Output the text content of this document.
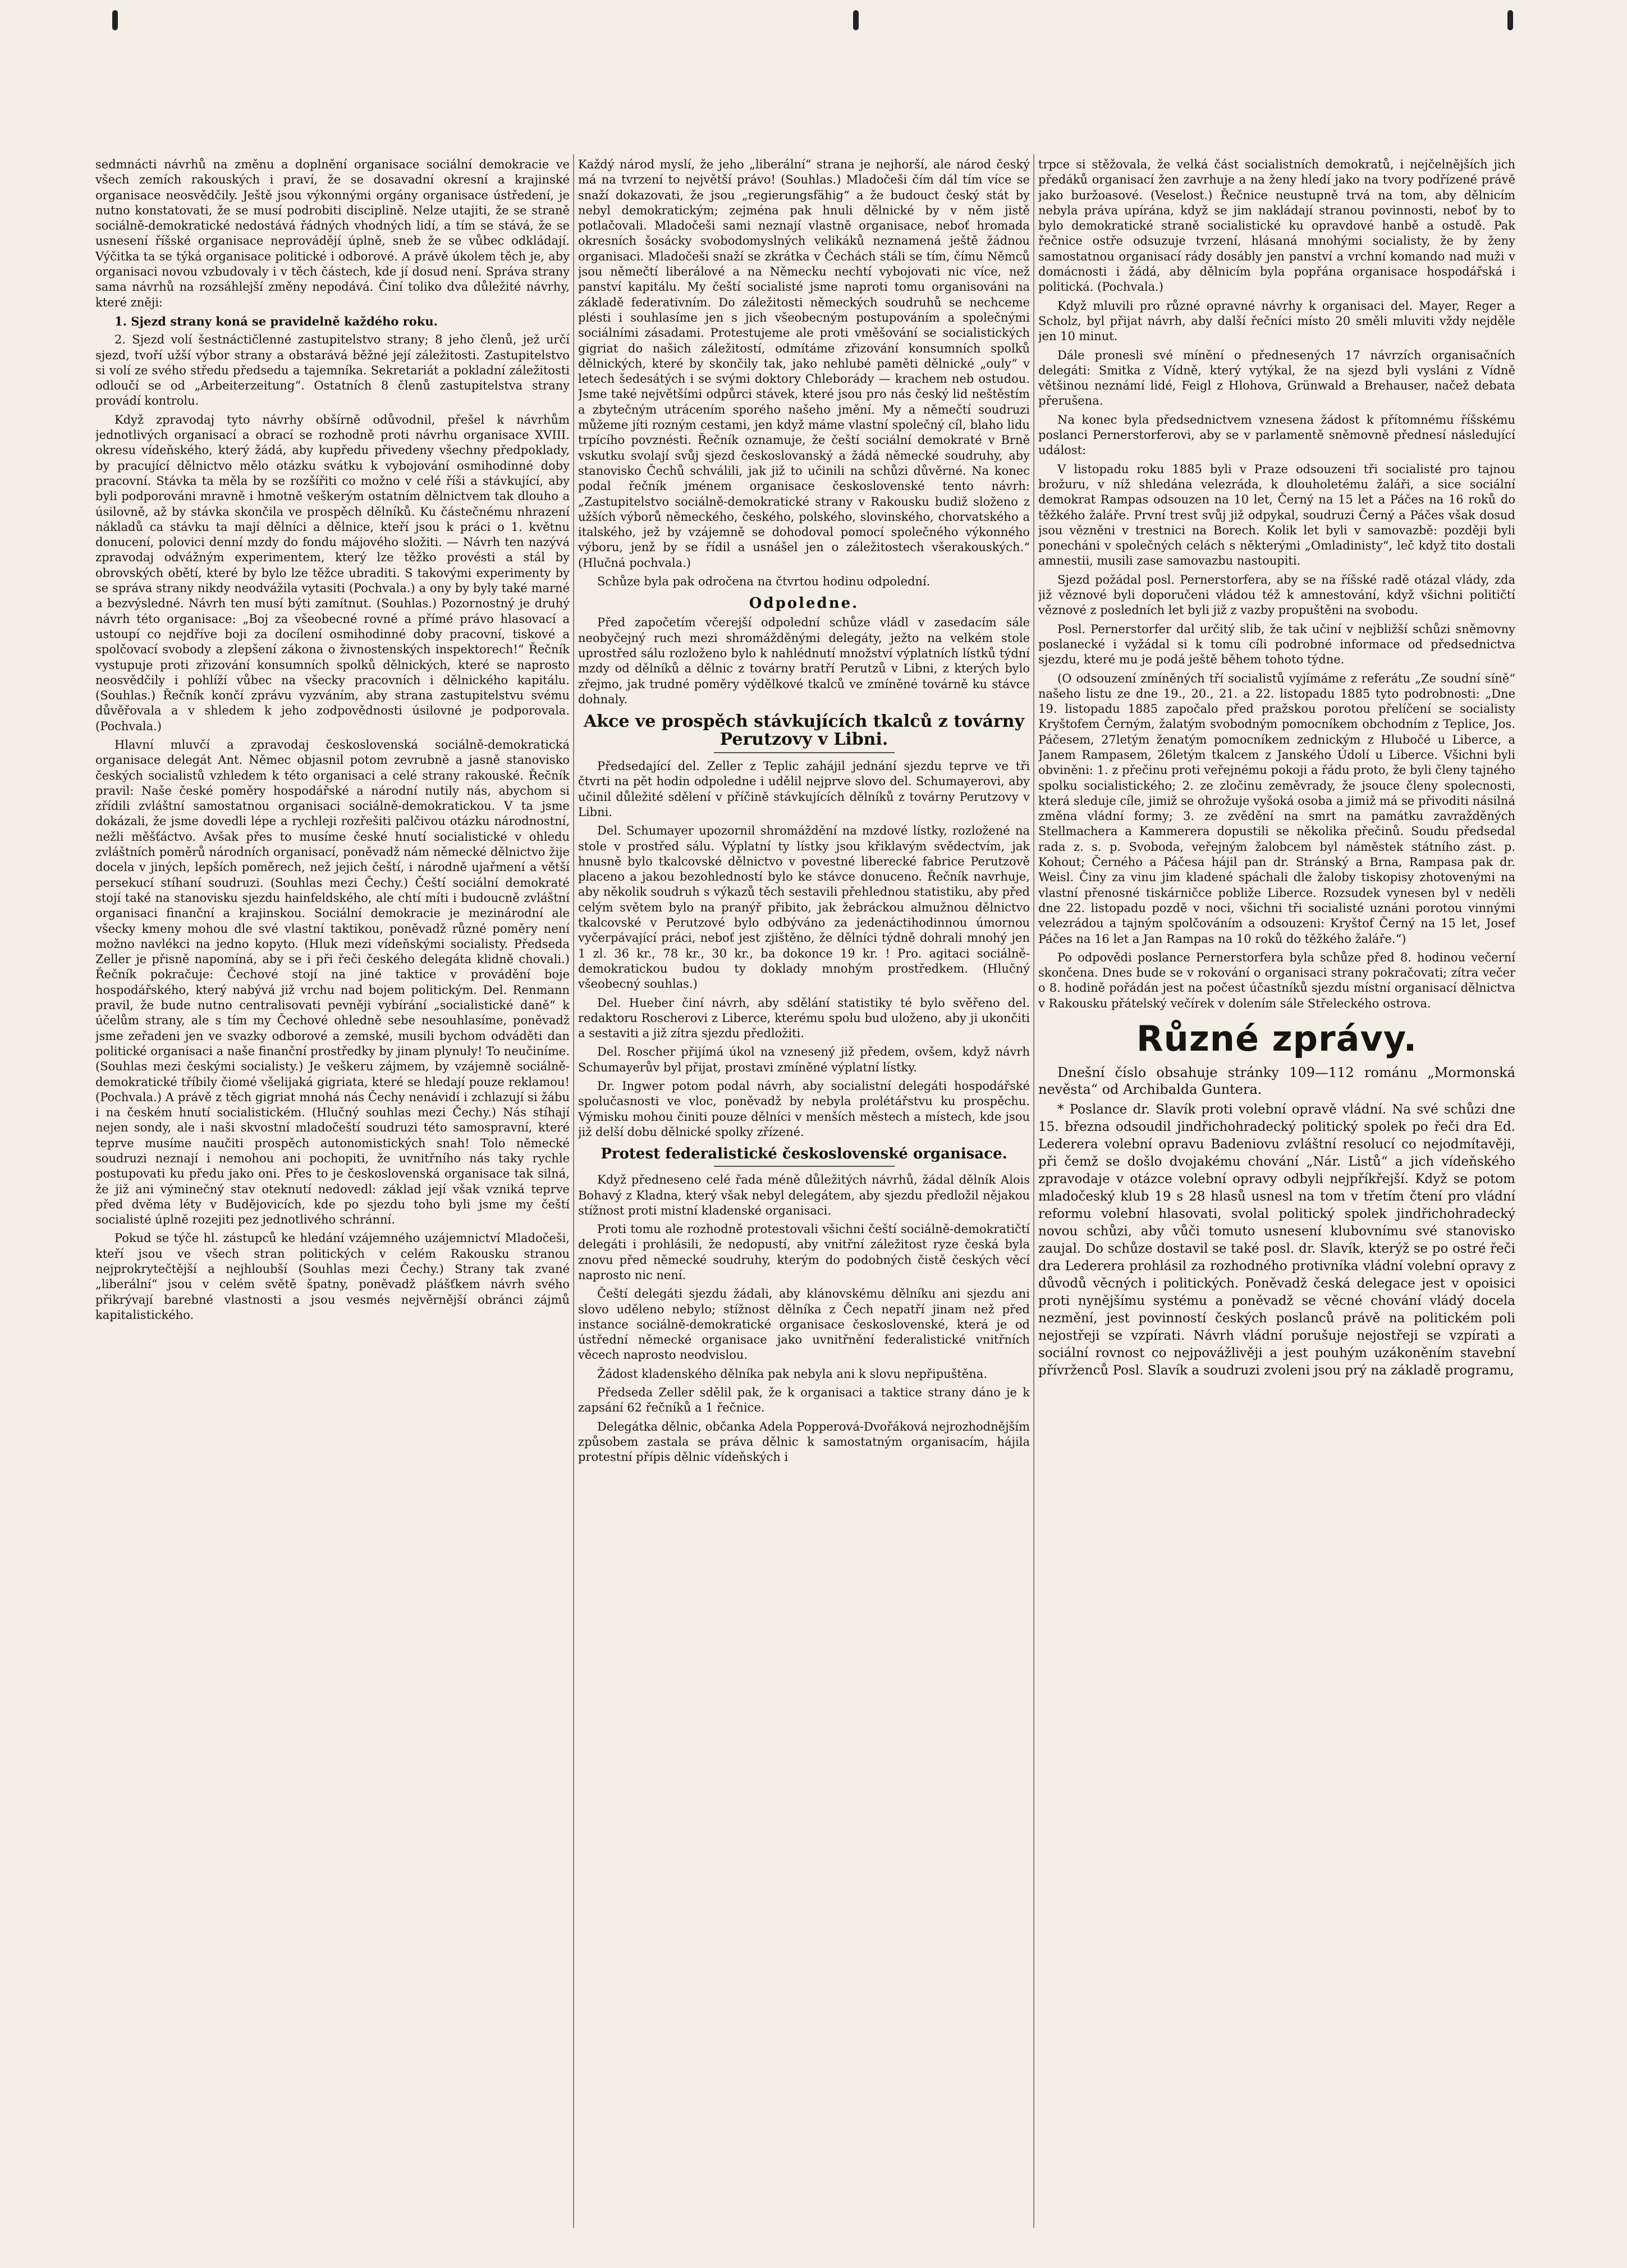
sedmnácti návrhů na změnu a doplnění organisace sociální demokracie ve všech zemích rakouských i praví, že se dosavadní okresní a krajinské organisace neosvědčily. Ještě jsou výkonnými orgány organisace ústředení, je nutno konstatovati, že se musí podrobiti disciplině. Nelze utajiti, že se straně sociálně-demokratické nedostává řádných vhodných lidí, a tím se stává, že se usnesení říšské organisace neprovádějí úplně, sneb že se vůbec odkládají. Výčitka ta se týká organisace politické i odborové. A právě úkolem těch je, aby organisaci novou vzbudovaly i v těch částech, kde jí dosud není. Správa strany sama návrhů na rozsáhlejší změny nepodává. Činí toliko dva důležité návrhy, které zněji:

1. Sjezd strany koná se pravidelně každého roku.

2. Sjezd volí šestnáctičlenné zastupitelstvo strany; 8 jeho členů, jež určí sjezd, tvoří užší výbor strany a obstarává běžné její záležitosti. Zastupitelstvo si volí ze svého středu předsedu a tajemníka. Sekretariát a pokladní záležitosti odloučí se od „Arbeiterzeitung“. Ostatních 8 členů zastupitelstva strany provádí kontrolu.

Když zpravodaj tyto návrhy obšírně odůvodnil, přešel k návrhům jednotlivých organisací a obrací se rozhodně proti návrhu organisace XVIII. okresu vídeňského, který žádá, aby kupředu přivedeny všechny předpoklady, by pracující dělnictvo mělo otázku svátku k vybojování osmihodinné doby pracovní. Stávka ta měla by se rozšířiti co možno v celé říši a stávkující, aby byli podporováni mravně i hmotně veškerým ostatním dělnictvem tak dlouho a úsilovně, až by stávka skončila ve prospěch dělníků. Ku částečnému nhrazení nákladů ca stávku ta mají dělníci a dělnice, kteří jsou k práci o 1. květnu donucení, polovici denní mzdy do fondu májového složiti. — Návrh ten nazývá zpravodaj odvážným experimentem, který lze těžko provésti a stál by obrovských obětí, které by bylo lze těžce ubraditi. S takovými experimenty by se správa strany nikdy neodvážila vytasiti (Pochvala.) a ony by byly také marné a bezvýsledné. Návrh ten musí býti zamítnut. (Souhlas.) Pozornostný je druhý návrh této organisace: „Boj za všeobecné rovné a přímé právo hlasovací a ustoupí co nejdříve boji za docílení osmihodinné doby pracovní, tiskové a spolčovací svobody a zlepšení zákona o živnostenských inspektorech!“ Řečník vystupuje proti zřizování konsumních spolků dělnických, které se naprosto neosvědčily i pohlíží vůbec na všecky pracovních i dělnického kapitálu. (Souhlas.) Řečník končí zprávu vyzváním, aby strana zastupitelstvu svému důvěřovala a v shledem k jeho zodpovědnosti úsilovné je podporovala. (Pochvala.)

Hlavní mluvčí a zpravodaj československá sociálně-demokratická organisace delegát Ant. Němec objasnil potom zevrubně a jasně stanovisko českých socialistů vzhledem k této organisaci a celé strany rakouské. Řečník pravil: Naše české poměry hospodářské a národní nutily nás, abychom si zřídili zvláštní samostatnou organisaci sociálně-demokratickou. V ta jsme dokázali, že jsme dovedli lépe a rychleji rozřešiti palčivou otázku národnostní, nežli měšťáctvo. Avšak přes to musíme české hnutí socialistické v ohledu zvláštních poměrů národních organisací, poněvadž nám německé dělnictvo žije docela v jiných, lepších poměrech, než jejich čeští, i národně ujařmení a větší persekucí stíhaní soudruzi. (Souhlas mezi Čechy.) Čeští sociální demokraté stojí také na stanovisku sjezdu hainfeldského, ale chtí míti i budoucně zvláštní organisaci finanční a krajinskou. Sociální demokracie je mezinárodní ale všecky kmeny mohou dle své vlastní taktikou, poněvadž různé poměry není možno navlékci na jedno kopyto. (Hluk mezi vídeňskými socialisty. Předseda Zeller je přisně napomíná, aby se i při řeči českého delegáta klidně chovali.) Řečník pokračuje: Čechové stojí na jiné taktice v provádění boje hospodářského, který nabývá již vrchu nad bojem politickým. Del. Renmann pravil, že bude nutno centralisovati pevněji vybírání „socialistické daně“ k účelům strany, ale s tím my Čechové ohledně sebe nesouhlasíme, poněvadž jsme zeřadeni jen ve svazky odborové a zemské, musili bychom odváděti dan politické organisaci a naše finanční prostředky by jinam plynuly! To neučiníme. (Souhlas mezi českými socialisty.) Je veškeru zájmem, by vzájemně sociálně-demokratické tříbily čiomé všelijaká gigriata, které se hledají pouze reklamou! (Pochvala.) A právě z těch gigriat mnohá nás Čechy nenávidí i zchlazují si žábu i na českém hnutí socialistickém. (Hlučný souhlas mezi Čechy.) Nás stíhají nejen sondy, ale i naši skvostní mladočeští soudruzi této samospravní, které teprve musíme naučiti prospěch autonomistických snah! Tolo německé soudruzi neznají i nemohou ani pochopiti, že uvnitřního nás taky rychle postupovati ku předu jako oni. Přes to je československá organisace tak silná, že již ani výminečný stav oteknutí nedovedl: základ její však vzniká teprve před dvěma léty v Budějovicích, kde po sjezdu toho byli jsme my čeští socialisté úplně rozejiti pez jednotlivého schránní.

Pokud se týče hl. zástupců ke hledání vzájemného uzájemnictví Mladočeši, kteří jsou ve všech stran politických v celém Rakousku stranou nejprokrytečtější a nejhloubší (Souhlas mezi Čechy.) Strany tak zvané „liberální“ jsou v celém světě špatny, poněvadž plášťkem návrh svého přikrývají barebné vlastnosti a jsou vesmés nejvěrnější obránci zájmů kapitalistického.

Každý národ myslí, že jeho „liberální“ strana je nejhorší, ale národ český má na tvrzení to největší právo! (Souhlas.) Mladočeši čím dál tím více se snaží dokazovati, že jsou „regierungsfähig“ a že budouct český stát by nebyl demokratickým; zejména pak hnuli dělnické by v něm jistě potlačovali. Mladočeši sami neznají vlastně organisace, neboť hromada okresních šosácky svobodomyslných velikáků neznamená ještě žádnou organisaci. Mladočeši snaží se zkrátka v Čechách stáli se tím, čímu Němců jsou němečtí liberálové a na Německu nechtí vybojovati nic více, než panství kapitálu. My čeští socialisté jsme naproti tomu organisováni na základě federativním. Do záležitosti německých soudruhů se nechceme plésti i souhlasíme jen s jich všeobecným postupováním a společnými sociálními zásadami. Protestujeme ale proti vměšování se socialistických gigriat do našich záležitostí, odmítáme zřizování konsumních spolků dělnických, které by skončily tak, jako nehlubé paměti dělnické „ouly“ v letech šedesátých i se svými doktory Chleborády — krachem neb ostudou. Jsme také největšími odpůrci stávek, které jsou pro nás český lid neštěstím a zbytečným utrácením sporého našeho jmění. My a němečtí soudruzi můžeme jíti rozným cestami, jen když máme vlastní společný cíl, blaho lidu trpícího povznésti. Řečník oznamuje, že čeští sociální demokraté v Brně vskutku svolají svůj sjezd českoslovanský a žádá německé soudruhy, aby stanovisko Čechů schválili, jak již to učinili na schůzi důvěrné. Na konec podal řečník jménem organisace československé tento návrh: „Zastupitelstvo sociálně-demokratické strany v Rakousku budiž složeno z užších výborů německého, českého, polského, slovinského, chorvatského a italského, jež by vzájemně se dohodoval pomocí společného výkonného výboru, jenž by se řídil a usnášel jen o záležitostech všerakouských.“ (Hlučná pochvala.)

Schůze byla pak odročena na čtvrtou hodinu odpolední.

Odpoledne.

Před započetím včerejší odpolední schůze vládl v zasedacím sále neobyčejný ruch mezi shromážděnými delegáty, ježto na velkém stole uprostřed sálu rozloženo bylo k nahlédnutí množství výplatních lístků týdní mzdy od dělníků a dělnic z továrny bratří Perutzů v Libni, z kterých bylo zřejmo, jak trudné poměry výdělkové tkalců ve zmíněné továrně ku stávce dohnaly.

Akce ve prospěch stávkujících tkalců z továrny Perutzovy v Libni.

Předsedající del. Zeller z Teplic zahájil jednání sjezdu teprve ve tři čtvrti na pět hodin odpoledne i udělil nejprve slovo del. Schumayerovi, aby učinil důležité sdělení v příčině stávkujících dělníků z továrny Perutzovy v Libni.

Del. Schumayer upozornil shromáždění na mzdové lístky, rozložené na stole v prostřed sálu. Výplatní ty lístky jsou křiklavým svědectvím, jak hnusně bylo tkalcovské dělnictvo v povestné liberecké fabrice Perutzově placeno a jakou bezohledností bylo ke stávce donuceno. Řečník navrhuje, aby několik soudruh s výkazů těch sestavili přehlednou statistiku, aby před celým světem bylo na pranýř přibito, jak žebráckou almužnou dělnictvo tkalcovské v Perutzové bylo odbýváno za jedenáctihodinnou úmornou vyčerpávající práci, neboť jest zjištěno, že dělníci týdně dohrali mnohý jen 1 zl. 36 kr., 78 kr., 30 kr., ba dokonce 19 kr. ! Pro. agitaci sociálně-demokratickou budou ty doklady mnohým prostředkem. (Hlučný všeobecný souhlas.)

Del. Hueber činí návrh, aby sdělání statistiky té bylo svěřeno del. redaktoru Roscherovi z Liberce, kterému spolu bud uloženo, aby ji ukončiti a sestaviti a již zítra sjezdu předložiti.

Del. Roscher přijímá úkol na vznesený již předem, ovšem, když návrh Schumayerův byl přijat, prostavi zmíněné výplatní lístky.

Dr. Ingwer potom podal návrh, aby socialistní delegáti hospodářské spolučasnosti ve vloc, poněvadž by nebyla prolétářstvu ku prospěchu. Výmisku mohou činiti pouze dělníci v menších městech a místech, kde jsou již delší dobu dělnické spolky zřízené.

Protest federalistické československé organisace.

Když předneseno celé řada méně důležitých návrhů, žádal dělník Alois Bohavý z Kladna, který však nebyl delegátem, aby sjezdu předložil nějakou stížnost proti mistní kladenské organisaci.

Proti tomu ale rozhodně protestovali všichni čeští sociálně-demokratičtí delegáti i prohlásili, že nedopustí, aby vnitřní záležitost ryze česká byla znovu před německé soudruhy, kterým do podobných čistě českých věcí naprosto nic není.

Čeští delegáti sjezdu žádali, aby klánovskému dělníku ani sjezdu ani slovo uděleno nebylo; stížnost dělníka z Čech nepatří jinam než před instance sociálně-demokratické organisace československé, která je od ústřední německé organisace jako uvnitřnění federalistické vnitřních věcech naprosto neodvislou.

Žádost kladenského dělníka pak nebyla ani k slovu nepřipuštěna.

Předseda Zeller sdělil pak, že k organisaci a taktice strany dáno je k zapsání 62 řečníků a 1 řečnice.

Delegátka dělnic, občanka Adela Popperová-Dvořáková nejrozhodnějším způsobem zastala se práva dělnic k samostatným organisacím, hájila protestní přípis dělnic vídeňských i

trpce si stěžovala, že velká část socialistních demokratů, i nejčelnějších jich předáků organisací žen zavrhuje a na ženy hledí jako na tvory podřízené právě jako buržoasové. (Veselost.) Řečnice neustupně trvá na tom, aby dělnicím nebyla práva upírána, když se jim nakládají stranou povinnosti, neboť by to bylo demokratické straně socialistické ku opravdové hanbě a ostudě. Pak řečnice ostře odsuzuje tvrzení, hlásaná mnohými socialisty, že by ženy samostatnou organisací rády dosábly jen panství a vrchní komando nad muži v domácnosti i žádá, aby dělnicím byla popřána organisace hospodářská i politická. (Pochvala.)

Když mluvili pro různé opravné návrhy k organisaci del. Mayer, Reger a Scholz, byl přijat návrh, aby další řečníci místo 20 směli mluviti vždy nejděle jen 10 minut.

Dále pronesli své mínění o přednesených 17 návrzích organisačních delegáti: Smitka z Vídně, který vytýkal, že na sjezd byli vysláni z Vídně většinou neznámí lidé, Feigl z Hlohova, Grünwald a Brehauser, načež debata přerušena.

Na konec byla předsednictvem vznesena žádost k přítomnému říšskému poslanci Pernerstorferovi, aby se v parlamentě sněmovně přednesí následující událost:

V listopadu roku 1885 byli v Praze odsouzeni tři socialisté pro tajnou brožuru, v níž shledána velezráda, k dlouholetému žaláři, a sice sociální demokrat Rampas odsouzen na 10 let, Černý na 15 let a Páčes na 16 roků do těžkého žaláře. První trest svůj již odpykal, soudruzi Černý a Páčes však dosud jsou vězněni v trestnici na Borech. Kolik let byli v samovazbě: později byli ponecháni v společných celách s některými „Omladinisty“, leč když tito dostali amnestii, musili zase samovazbu nastoupiti.

Sjezd požádal posl. Pernerstorfera, aby se na říšské radě otázal vlády, zda již věznové byli doporučeni vládou též k amnestování, když všichni političtí věznové z posledních let byli již z vazby propuštěni na svobodu.

Posl. Pernerstorfer dal určitý slib, že tak učiní v nejbližší schůzi sněmovny poslanecké i vyžádal si k tomu cíli podrobné informace od předsednictva sjezdu, které mu je podá ještě během tohoto týdne.

(O odsouzení zmíněných tří socialistů vyjímáme z referátu „Ze soudní síně“ našeho listu ze dne 19., 20., 21. a 22. listopadu 1885 tyto podrobnosti: „Dne 19. listopadu 1885 započalo před pražskou porotou přelíčení se socialisty Kryštofem Černým, žalatým svobodným pomocníkem obchodním z Teplice, Jos. Páčesem, 27letým ženatým pomocníkem zednickým z Hlubočé u Liberce, a Janem Rampasem, 26letým tkalcem z Janského Údolí u Liberce. Všichni byli obviněni: 1. z přečinu proti veřejnému pokoji a řádu proto, že byli členy tajného spolku socialistického; 2. ze zločinu zeměvrady, že jsouce členy spolecnosti, která sleduje cíle, jimiž se ohrožuje vyšoká osoba a jimiž má se přivoditi násilná změna vládní formy; 3. ze zvědění na smrt na památku zavražděných Stellmachera a Kammerera dopustili se několika přečinů. Soudu předsedal rada z. s. p. Svoboda, veřejným žalobcem byl náměstek státního zást. p. Kohout; Černého a Páčesa hájil pan dr. Stránský a Brna, Rampasa pak dr. Weisl. Činy za vinu jim kladené spáchali dle žaloby tiskopisy zhotovenými na vlastní přenosné tiskárničce pobliže Liberce. Rozsudek vynesen byl v neděli dne 22. listopadu pozdě v noci, všichni tři socialisté uznáni porotou vinnými velezrádou a tajným spolčováním a odsouzeni: Kryštof Černý na 15 let, Josef Páčes na 16 let a Jan Rampas na 10 roků do těžkého žaláře.“)

Po odpovědi poslance Pernerstorfera byla schůze před 8. hodinou večerní skončena. Dnes bude se v rokování o organisaci strany pokračovati; zítra večer o 8. hodině pořádán jest na počest účastníků sjezdu místní organisací dělnictva v Rakousku přátelský večírek v dolením sále Střeleckého ostrova.

Různé zprávy.

Dnešní číslo obsahuje stránky 109—112 románu „Mormonská nevěsta“ od Archibalda Guntera.

* Poslance dr. Slavík proti volební opravě vládní. Na své schůzi dne 15. března odsoudil jindřichohradecký politický spolek po řeči dra Ed. Lederera volební opravu Badeniovu zvláštní resolucí co nejodmítavěji, při čemž se došlo dvojakému chování „Nár. Listů“ a jich vídeňského zpravodaje v otázce volební opravy odbyli nejpříkřejší. Když se potom mladočeský klub 19 s 28 hlasů usnesl na tom v třetím čtení pro vládní reformu volební hlasovati, svolal politický spolek jindřichohradecký novou schůzi, aby vůči tomuto usnesení klubovnímu své stanovisko zaujal. Do schůze dostavil se také posl. dr. Slavík, kterýž se po ostré řeči dra Lederera prohlásil za rozhodného protivníka vládní volební opravy z důvodů věcných i politických. Poněvadž česká delegace jest v opoisici proti nynějšímu systému a poněvadž se věcné chování vládý docela nezmění, jest povinností českých poslanců právě na politickém poli nejostřeji se vzpírati. Návrh vládní porušuje nejostřeji se vzpírati a sociální rovnost co nejpovážlivěji a jest pouhým uzákoněním stavební přívrženců Posl. Slavík a soudruzi zvoleni jsou prý na základě programu,
